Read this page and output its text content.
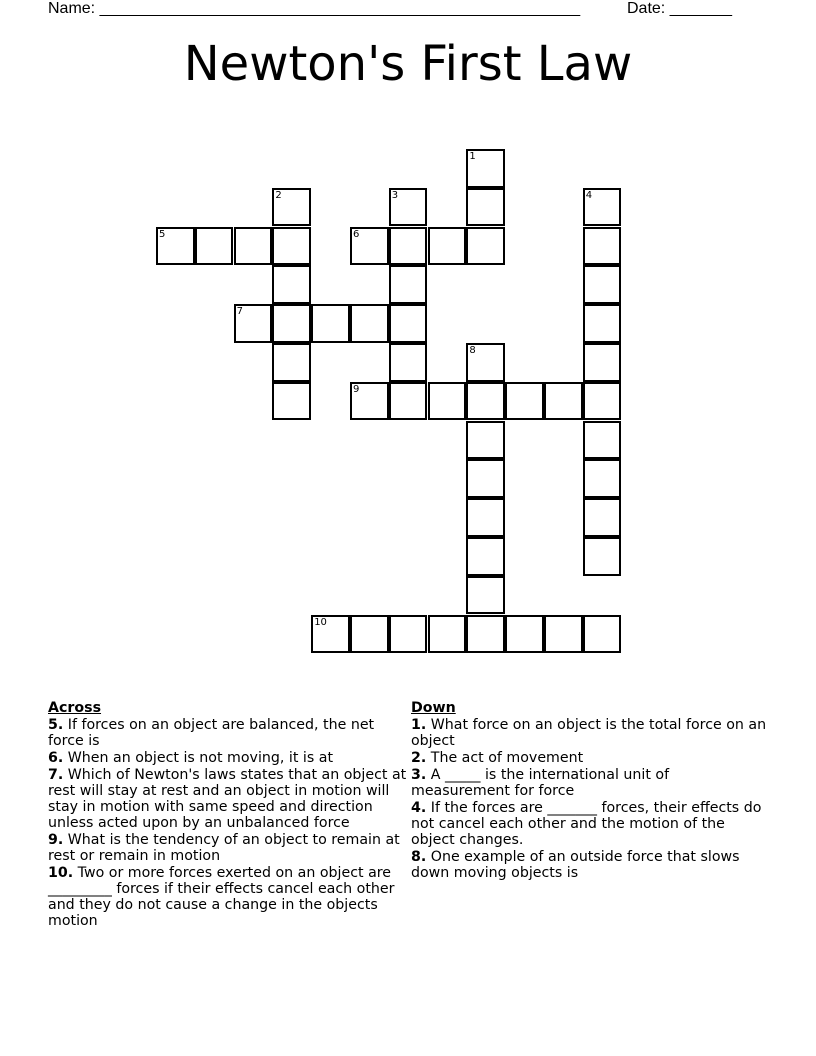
Name: ______________________________________________________	Date: _______
Newton's First Law
1
2	3	4
5	6
7
8
9
10
Across
5. If forces on an object are balanced, the net force is
6. When an object is not moving, it is at
7. Which of Newton's laws states that an object at rest will stay at rest and an object in motion will stay in motion with same speed and direction unless acted upon by an unbalanced force
9. What is the tendency of an object to remain at rest or remain in motion
10. Two or more forces exerted on an object are _________ forces if their effects cancel each other and they do not cause a change in the objects motion
Down
1. What force on an object is the total force on an object
2. The act of movement
3. A _____ is the international unit of measurement for force
4. If the forces are _______ forces, their effects do not cancel each other and the motion of the object changes.
8. One example of an outside force that slows down moving objects is
